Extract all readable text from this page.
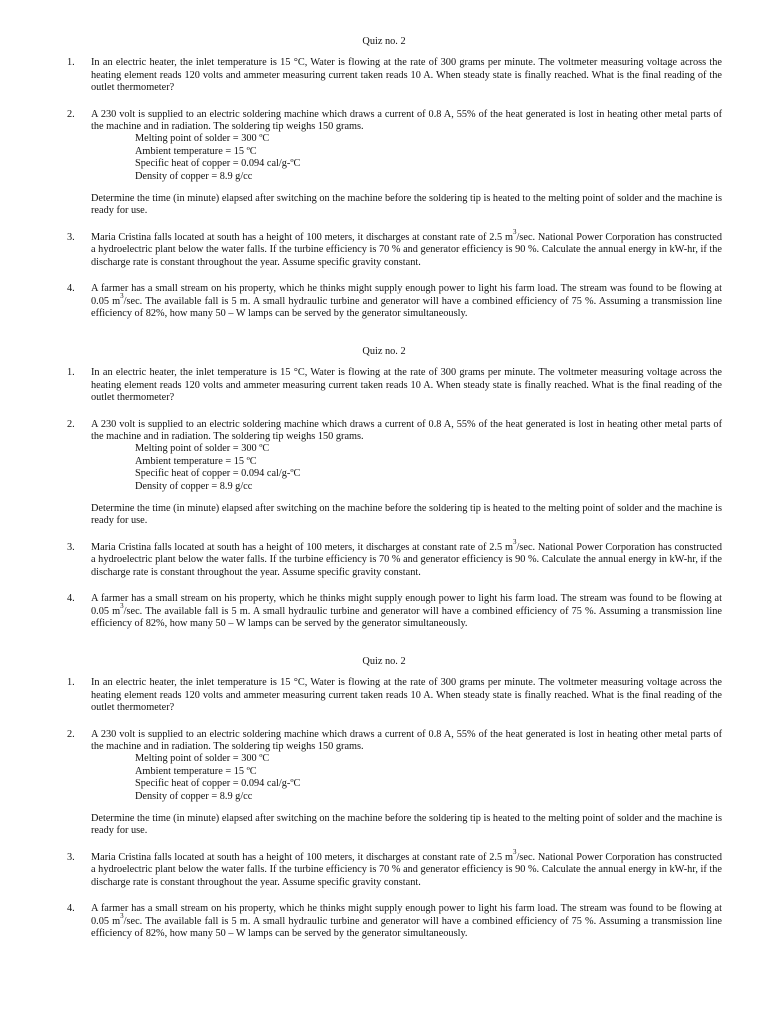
Quiz no. 2
1. In an electric heater, the inlet temperature is 15 °C, Water is flowing at the rate of 300 grams per minute. The voltmeter measuring voltage across the heating element reads 120 volts and ammeter measuring current taken reads 10 A. When steady state is finally reached. What is the final reading of the outlet thermometer?
2. A 230 volt is supplied to an electric soldering machine which draws a current of 0.8 A, 55% of the heat generated is lost in heating other metal parts of the machine and in radiation. The soldering tip weighs 150 grams.
Melting point of solder = 300 ºC
Ambient temperature = 15 ºC
Specific heat of copper = 0.094 cal/g-ºC
Density of copper = 8.9 g/cc
Determine the time (in minute) elapsed after switching on the machine before the soldering tip is heated to the melting point of solder and the machine is ready for use.
3. Maria Cristina falls located at south has a height of 100 meters, it discharges at constant rate of 2.5 $m^3/\sec$. National Power Corporation has constructed a hydroelectric plant below the water falls. If the turbine efficiency is 70 % and generator efficiency is 90 %. Calculate the annual energy in kW-hr, if the discharge rate is constant throughout the year. Assume specific gravity constant.
4. A farmer has a small stream on his property, which he thinks might supply enough power to light his farm load. The stream was found to be flowing at 0.05 $m^3/\sec$. The available fall is 5 m. A small hydraulic turbine and generator will have a combined efficiency of 75 %. Assuming a transmission line efficiency of 82%, how many 50 – W lamps can be served by the generator simultaneously.
Quiz no. 2
1. In an electric heater, the inlet temperature is 15 °C, Water is flowing at the rate of 300 grams per minute. The voltmeter measuring voltage across the heating element reads 120 volts and ammeter measuring current taken reads 10 A. When steady state is finally reached. What is the final reading of the outlet thermometer?
2. A 230 volt is supplied to an electric soldering machine which draws a current of 0.8 A, 55% of the heat generated is lost in heating other metal parts of the machine and in radiation. The soldering tip weighs 150 grams.
Melting point of solder = 300 ºC
Ambient temperature = 15 ºC
Specific heat of copper = 0.094 cal/g-ºC
Density of copper = 8.9 g/cc
Determine the time (in minute) elapsed after switching on the machine before the soldering tip is heated to the melting point of solder and the machine is ready for use.
3. Maria Cristina falls located at south has a height of 100 meters, it discharges at constant rate of 2.5 $m^3/\sec$. National Power Corporation has constructed a hydroelectric plant below the water falls. If the turbine efficiency is 70 % and generator efficiency is 90 %. Calculate the annual energy in kW-hr, if the discharge rate is constant throughout the year. Assume specific gravity constant.
4. A farmer has a small stream on his property, which he thinks might supply enough power to light his farm load. The stream was found to be flowing at 0.05 $m^3/\sec$. The available fall is 5 m. A small hydraulic turbine and generator will have a combined efficiency of 75 %. Assuming a transmission line efficiency of 82%, how many 50 – W lamps can be served by the generator simultaneously.
Quiz no. 2
1. In an electric heater, the inlet temperature is 15 °C, Water is flowing at the rate of 300 grams per minute. The voltmeter measuring voltage across the heating element reads 120 volts and ammeter measuring current taken reads 10 A. When steady state is finally reached. What is the final reading of the outlet thermometer?
2. A 230 volt is supplied to an electric soldering machine which draws a current of 0.8 A, 55% of the heat generated is lost in heating other metal parts of the machine and in radiation. The soldering tip weighs 150 grams.
Melting point of solder = 300 ºC
Ambient temperature = 15 ºC
Specific heat of copper = 0.094 cal/g-ºC
Density of copper = 8.9 g/cc
Determine the time (in minute) elapsed after switching on the machine before the soldering tip is heated to the melting point of solder and the machine is ready for use.
3. Maria Cristina falls located at south has a height of 100 meters, it discharges at constant rate of 2.5 $m^3/\sec$. National Power Corporation has constructed a hydroelectric plant below the water falls. If the turbine efficiency is 70 % and generator efficiency is 90 %. Calculate the annual energy in kW-hr, if the discharge rate is constant throughout the year. Assume specific gravity constant.
4. A farmer has a small stream on his property, which he thinks might supply enough power to light his farm load. The stream was found to be flowing at 0.05 $m^3/\sec$. The available fall is 5 m. A small hydraulic turbine and generator will have a combined efficiency of 75 %. Assuming a transmission line efficiency of 82%, how many 50 – W lamps can be served by the generator simultaneously.
